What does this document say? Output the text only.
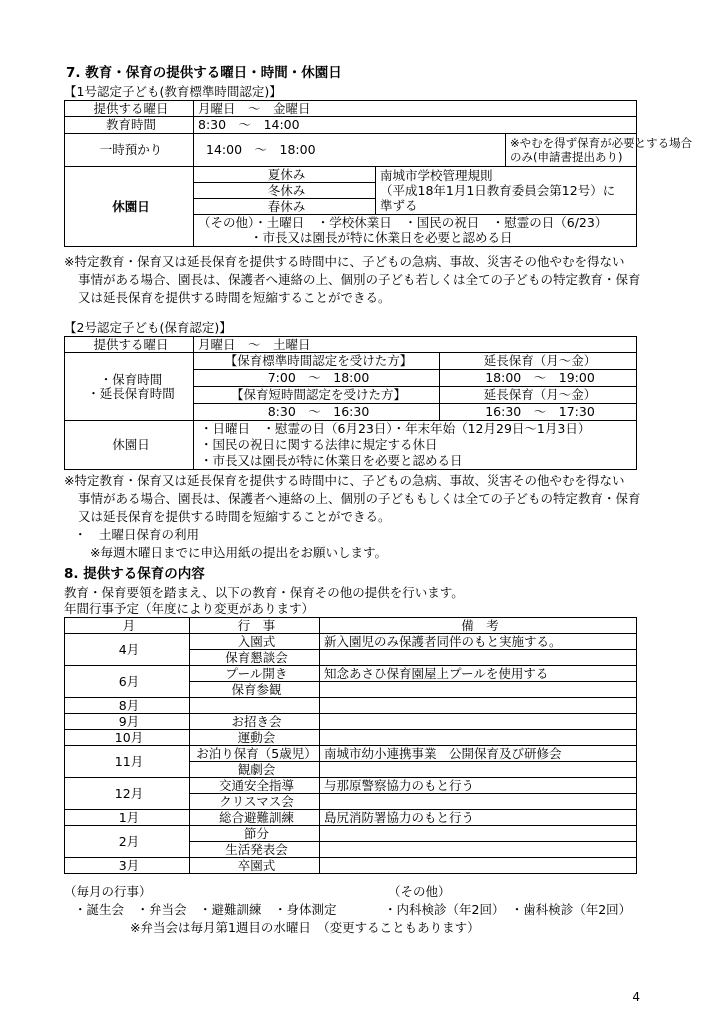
7. 教育・保育の提供する曜日・時間・休園日
【1号認定子ども(教育標準時間認定)】
提供する曜日	月曜日　～　金曜日		
教育時間	8:30　～　14:00		
一時預かり	14:00　～　18:00		※やむを得ず保育が必要とする場合
のみ(申請書提出あり)

休園日	夏休み	南城市学校管理規則
（平成18年1月1日教育委員会第12号）に
準ずる	

	冬休み		
	春休み		
	（その他）・土曜日　・学校休業日　・国民の祝日　・慰霊の日（6/23）		
	・市長又は園長が特に休業日を必要と認める日		
※特定教育・保育又は延長保育を提供する時間中に、子どもの急病、事故、災害その他やむを得ない
事情がある場合、園長は、保護者へ連絡の上、個別の子ども若しくは全ての子どもの特定教育・保育
又は延長保育を提供する時間を短縮することができる。
【2号認定子ども(保育認定)】
提供する曜日	月曜日　～　土曜日	

・保育時間
・延長保育時間	【保育標準時間認定を受けた方】	延長保育（月～金）
	7:00　～　18:00	18:00　～　19:00
	【保育短時間認定を受けた方】	延長保育（月～金）
	8:30　～　16:30	16:30　～　17:30
休園日	・日曜日　・慰霊の日（6月23日）・年末年始（12月29日～1月3日）
・国民の祝日に関する法律に規定する休日
・市長又は園長が特に休業日を必要と認める日	
※特定教育・保育又は延長保育を提供する時間中に、子どもの急病、事故、災害その他やむを得ない
事情がある場合、園長は、保護者へ連絡の上、個別の子どももしくは全ての子どもの特定教育・保育
又は延長保育を提供する時間を短縮することができる。
・　土曜日保育の利用
※毎週木曜日までに申込用紙の提出をお願いします。
8. 提供する保育の内容
教育・保育要領を踏まえ、以下の教育・保育その他の提供を行います。
年間行事予定（年度により変更があります）
月	行　事	備　考
4月	入園式	新入園児のみ保護者同伴のもと実施する。
	保育懇談会	
6月	プール開き	知念あさひ保育園屋上プールを使用する
	保育参観	
8月		
9月	お招き会	
10月	運動会	
11月	お泊り保育（5歳児）	南城市幼小連携事業　公開保育及び研修会
	観劇会	
12月	交通安全指導	与那原警察協力のもと行う
	クリスマス会	
1月	総合避難訓練	島尻消防署協力のもと行う
2月	節分	
	生活発表会	
3月	卒園式	
（毎月の行事）
・誕生会　・弁当会　・避難訓練　・身体測定
（その他）
・内科検診（年2回）　・歯科検診（年2回）
※弁当会は毎月第1週目の水曜日　（変更することもあります）
4
